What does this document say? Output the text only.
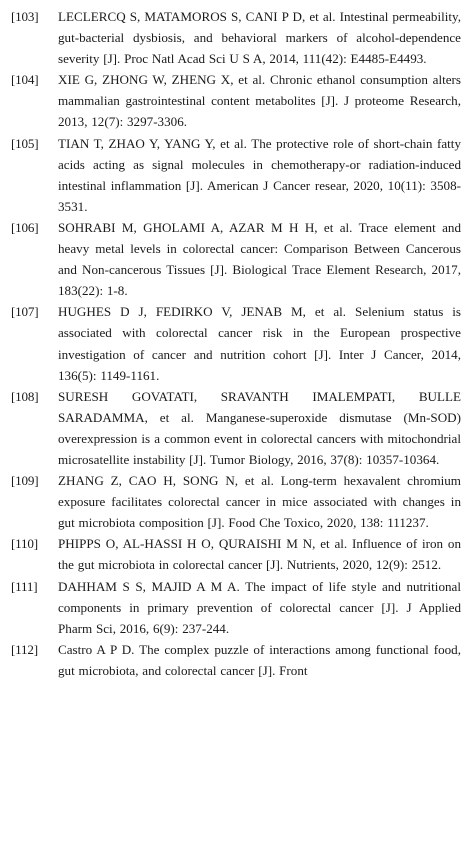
[103]	LECLERCQ S, MATAMOROS S, CANI P D, et al. Intestinal permeability, gut-bacterial dysbiosis, and behavioral markers of alcohol-dependence severity [J]. Proc Natl Acad Sci U S A, 2014, 111(42): E4485-E4493.
[104]	XIE G, ZHONG W, ZHENG X, et al. Chronic ethanol consumption alters mammalian gastrointestinal content metabolites [J]. J proteome Research, 2013, 12(7): 3297-3306.
[105]	TIAN T, ZHAO Y, YANG Y, et al. The protective role of short-chain fatty acids acting as signal molecules in chemotherapy-or radiation-induced intestinal inflammation [J]. American J Cancer resear, 2020, 10(11): 3508-3531.
[106]	SOHRABI M, GHOLAMI A, AZAR M H H, et al. Trace element and heavy metal levels in colorectal cancer: Comparison Between Cancerous and Non-cancerous Tissues [J]. Biological Trace Element Research, 2017, 183(22): 1-8.
[107]	HUGHES D J, FEDIRKO V, JENAB M, et al. Selenium status is associated with colorectal cancer risk in the European prospective investigation of cancer and nutrition cohort [J]. Inter J Cancer, 2014, 136(5): 1149-1161.
[108]	SURESH GOVATATI, SRAVANTH IMALEMPATI, BULLE SARADAMMA, et al. Manganese-superoxide dismutase (Mn-SOD) overexpression is a common event in colorectal cancers with mitochondrial microsatellite instability [J]. Tumor Biology, 2016, 37(8): 10357-10364.
[109]	ZHANG Z, CAO H, SONG N, et al. Long-term hexavalent chromium exposure facilitates colorectal cancer in mice associated with changes in gut microbiota composition [J]. Food Che Toxico, 2020, 138: 111237.
[110]	PHIPPS O, AL-HASSI H O, QURAISHI M N, et al. Influence of iron on the gut microbiota in colorectal cancer [J]. Nutrients, 2020, 12(9): 2512.
[111]	DAHHAM S S, MAJID A M A. The impact of life style and nutritional components in primary prevention of colorectal cancer [J]. J Applied Pharm Sci, 2016, 6(9): 237-244.
[112]	Castro A P D. The complex puzzle of interactions among functional food, gut microbiota, and colorectal cancer [J]. Front
